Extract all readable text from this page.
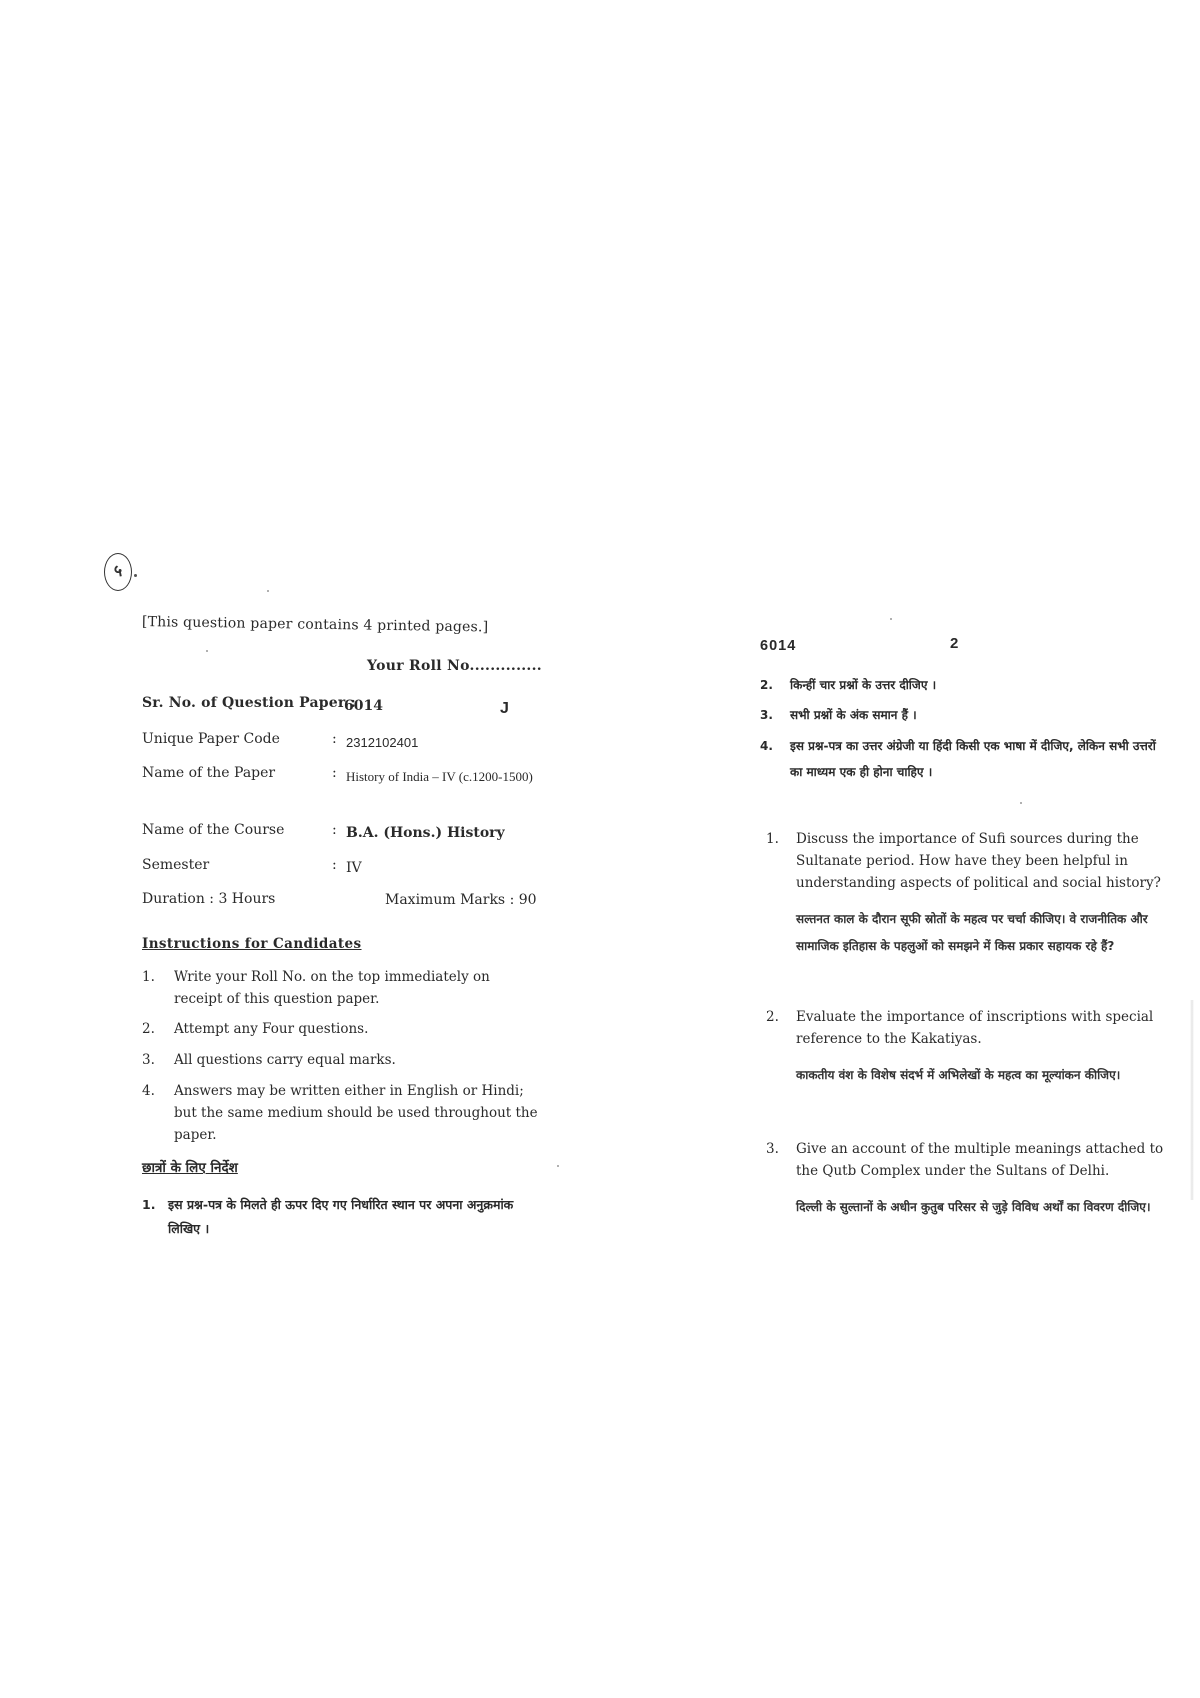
५
[This question paper contains 4 printed pages.]
Your Roll No..............
Sr. No. of Question Paper :
6014	J
Unique Paper Code	: 2312102401
Name of the Paper	: History of India – IV (c.1200-1500)
Name of the Course	: B.A. (Hons.) History
Semester	: IV
Duration : 3 Hours	Maximum Marks : 90
Instructions for Candidates
1. Write your Roll No. on the top immediately on receipt of this question paper.
2. Attempt any Four questions.
3. All questions carry equal marks.
4. Answers may be written either in English or Hindi; but the same medium should be used throughout the paper.
छात्रों के लिए निर्देश
1. इस प्रश्न-पत्र के मिलते ही ऊपर दिए गए निर्धारित स्थान पर अपना अनुक्रमांक लिखिए ।
6014	2
2. किन्हीं चार प्रश्नों के उत्तर दीजिए ।
3. सभी प्रश्नों के अंक समान हैं ।
4. इस प्रश्न-पत्र का उत्तर अंग्रेजी या हिंदी किसी एक भाषा में दीजिए, लेकिन सभी उत्तरों का माध्यम एक ही होना चाहिए ।
1. Discuss the importance of Sufi sources during the Sultanate period. How have they been helpful in understanding aspects of political and social history?
सल्तनत काल के दौरान सूफी स्रोतों के महत्व पर चर्चा कीजिए। वे राजनीतिक और सामाजिक इतिहास के पहलुओं को समझने में किस प्रकार सहायक रहे हैं?
2. Evaluate the importance of inscriptions with special reference to the Kakatiyas.
काकतीय वंश के विशेष संदर्भ में अभिलेखों के महत्व का मूल्यांकन कीजिए।
3. Give an account of the multiple meanings attached to the Qutb Complex under the Sultans of Delhi.
दिल्ली के सुल्तानों के अधीन कुतुब परिसर से जुड़े विविध अर्थों का विवरण दीजिए।
